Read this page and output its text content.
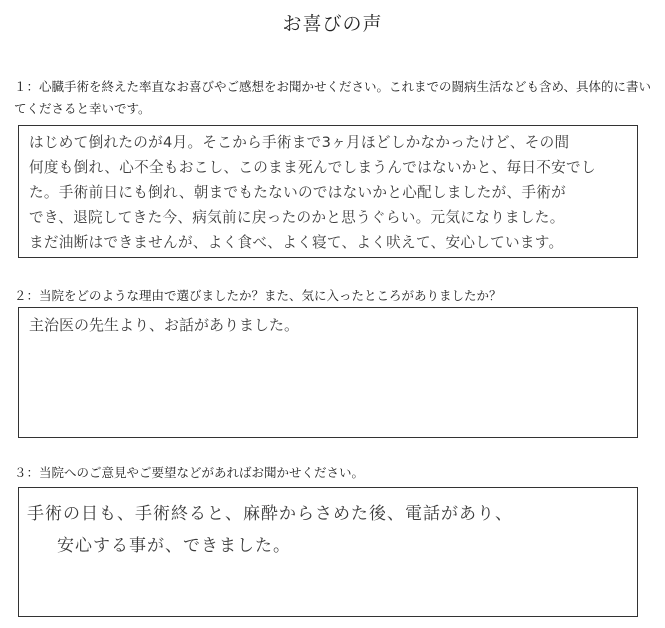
お喜びの声
１：心臓手術を終えた率直なお喜びやご感想をお聞かせください。これまでの闘病生活なども含め、具体的に書いてくださると幸いです。
はじめて倒れたのが4月。そこから手術まで3ヶ月ほどしかなかったけど、その間
何度も倒れ、心不全もおこし、このまま死んでしまうんではないかと、毎日不安でし
た。手術前日にも倒れ、朝までもたないのではないかと心配しましたが、手術が
でき、退院してきた今、病気前に戻ったのかと思うぐらい。元気になりました。
まだ油断はできませんが、よく食べ、よく寝て、よく吠えて、安心しています。
２：当院をどのような理由で選びましたか？また、気に入ったところがありましたか？
主治医の先生より、お話がありました。
３：当院へのご意見やご要望などがあればお聞かせください。
手術の日も、手術終ると、麻酔からさめた後、電話があり、
安心する事が、できました。
